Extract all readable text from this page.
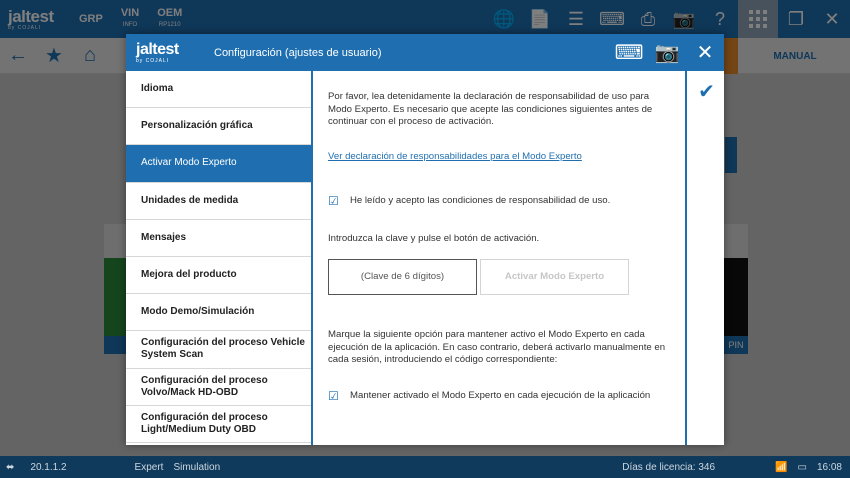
⬌ 20.1.1.2	Expert Simulation	Días de licencia: 346	📶 ▭ 16:08
jaltest
by COJALI
Configuración (ajustes de usuario)	⌨ 📷 ✕
Idioma
Personalización gráfica
Activar Modo Experto
Unidades de medida
Mensajes
Mejora del producto
Modo Demo/Simulación
Configuración del proceso Vehicle System Scan
Configuración del proceso Volvo/Mack HD-OBD
Configuración del proceso Light/Medium Duty OBD

Por favor, lea detenidamente la declaración de responsabilidad de uso para Modo Experto. Es necesario que acepte las condiciones siguientes antes de continuar con el proceso de activación.

Ver declaración de responsabilidades para el Modo Experto
☑ He leído y acepto las condiciones de responsabilidad de uso.

Introduzca la clave y pulse el botón de activación.

(Clave de 6 dígitos)	Activar Modo Experto

Marque la siguiente opción para mantener activo el Modo Experto en cada ejecución de la aplicación. En caso contrario, deberá activarlo manualmente en cada sesión, introduciendo el código correspondiente:

☑ Mantener activado el Modo Experto en cada ejecución de la aplicación
✔
